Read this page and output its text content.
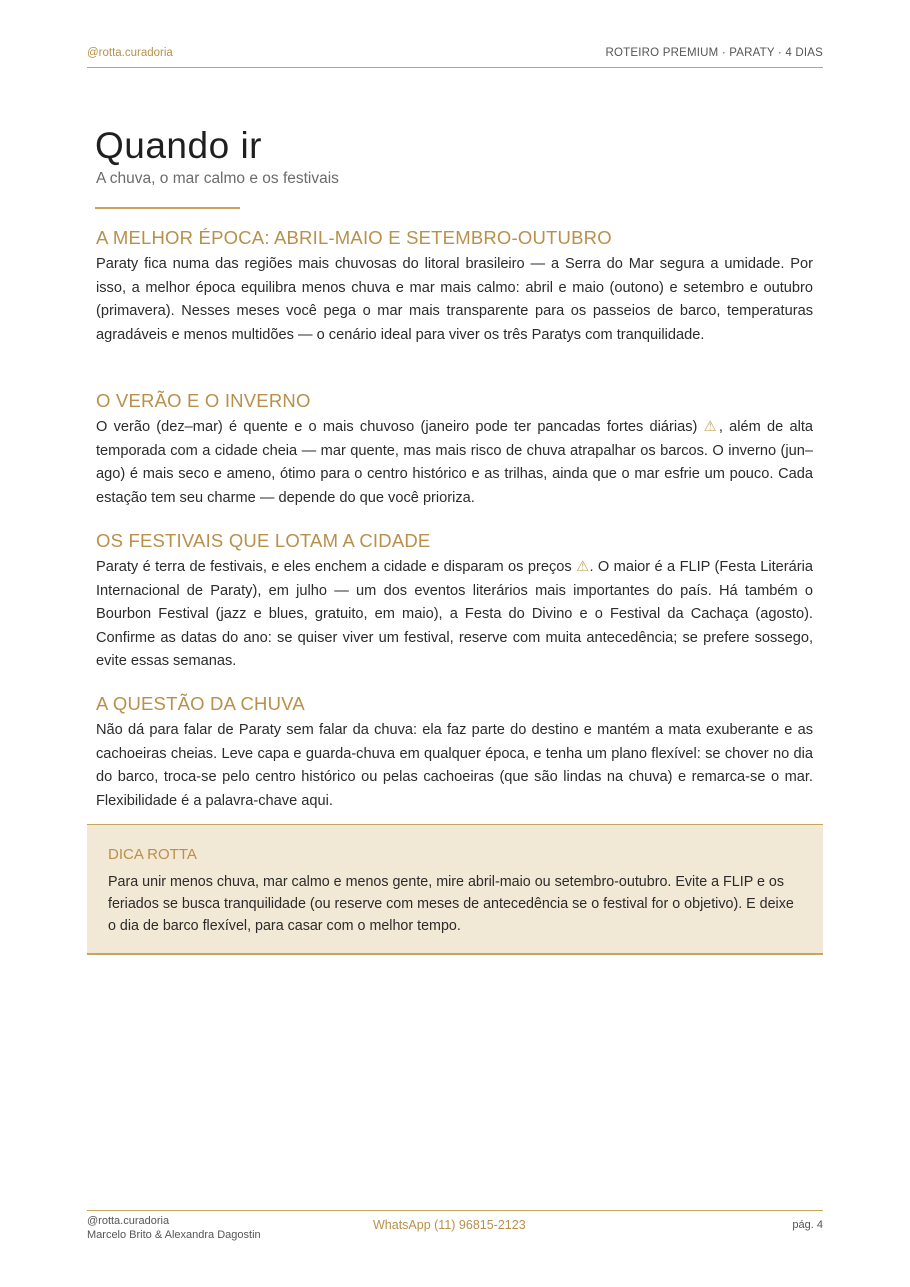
@rotta.curadoria	ROTEIRO PREMIUM · PARATY · 4 DIAS
Quando ir
A chuva, o mar calmo e os festivais
A MELHOR ÉPOCA: ABRIL-MAIO E SETEMBRO-OUTUBRO

Paraty fica numa das regiões mais chuvosas do litoral brasileiro — a Serra do Mar segura a umidade. Por isso, a melhor época equilibra menos chuva e mar mais calmo: abril e maio (outono) e setembro e outubro (primavera). Nesses meses você pega o mar mais transparente para os passeios de barco, temperaturas agradáveis e menos multidões — o cenário ideal para viver os três Paratys com tranquilidade.

O VERÃO E O INVERNO

O verão (dez–mar) é quente e o mais chuvoso (janeiro pode ter pancadas fortes diárias) ⚠, além de alta temporada com a cidade cheia — mar quente, mas mais risco de chuva atrapalhar os barcos. O inverno (jun–ago) é mais seco e ameno, ótimo para o centro histórico e as trilhas, ainda que o mar esfrie um pouco. Cada estação tem seu charme — depende do que você prioriza.

OS FESTIVAIS QUE LOTAM A CIDADE

Paraty é terra de festivais, e eles enchem a cidade e disparam os preços ⚠. O maior é a FLIP (Festa Literária Internacional de Paraty), em julho — um dos eventos literários mais importantes do país. Há também o Bourbon Festival (jazz e blues, gratuito, em maio), a Festa do Divino e o Festival da Cachaça (agosto). Confirme as datas do ano: se quiser viver um festival, reserve com muita antecedência; se prefere sossego, evite essas semanas.

A QUESTÃO DA CHUVA

Não dá para falar de Paraty sem falar da chuva: ela faz parte do destino e mantém a mata exuberante e as cachoeiras cheias. Leve capa e guarda-chuva em qualquer época, e tenha um plano flexível: se chover no dia do barco, troca-se pelo centro histórico ou pelas cachoeiras (que são lindas na chuva) e remarca-se o mar. Flexibilidade é a palavra-chave aqui.

DICA ROTTA

Para unir menos chuva, mar calmo e menos gente, mire abril-maio ou setembro-outubro. Evite a FLIP e os feriados se busca tranquilidade (ou reserve com meses de antecedência se o festival for o objetivo). E deixe o dia de barco flexível, para casar com o melhor tempo.

@rotta.curadoria
Marcelo Brito & Alexandra Dagostin
WhatsApp (11) 96815-2123	pág. 4
